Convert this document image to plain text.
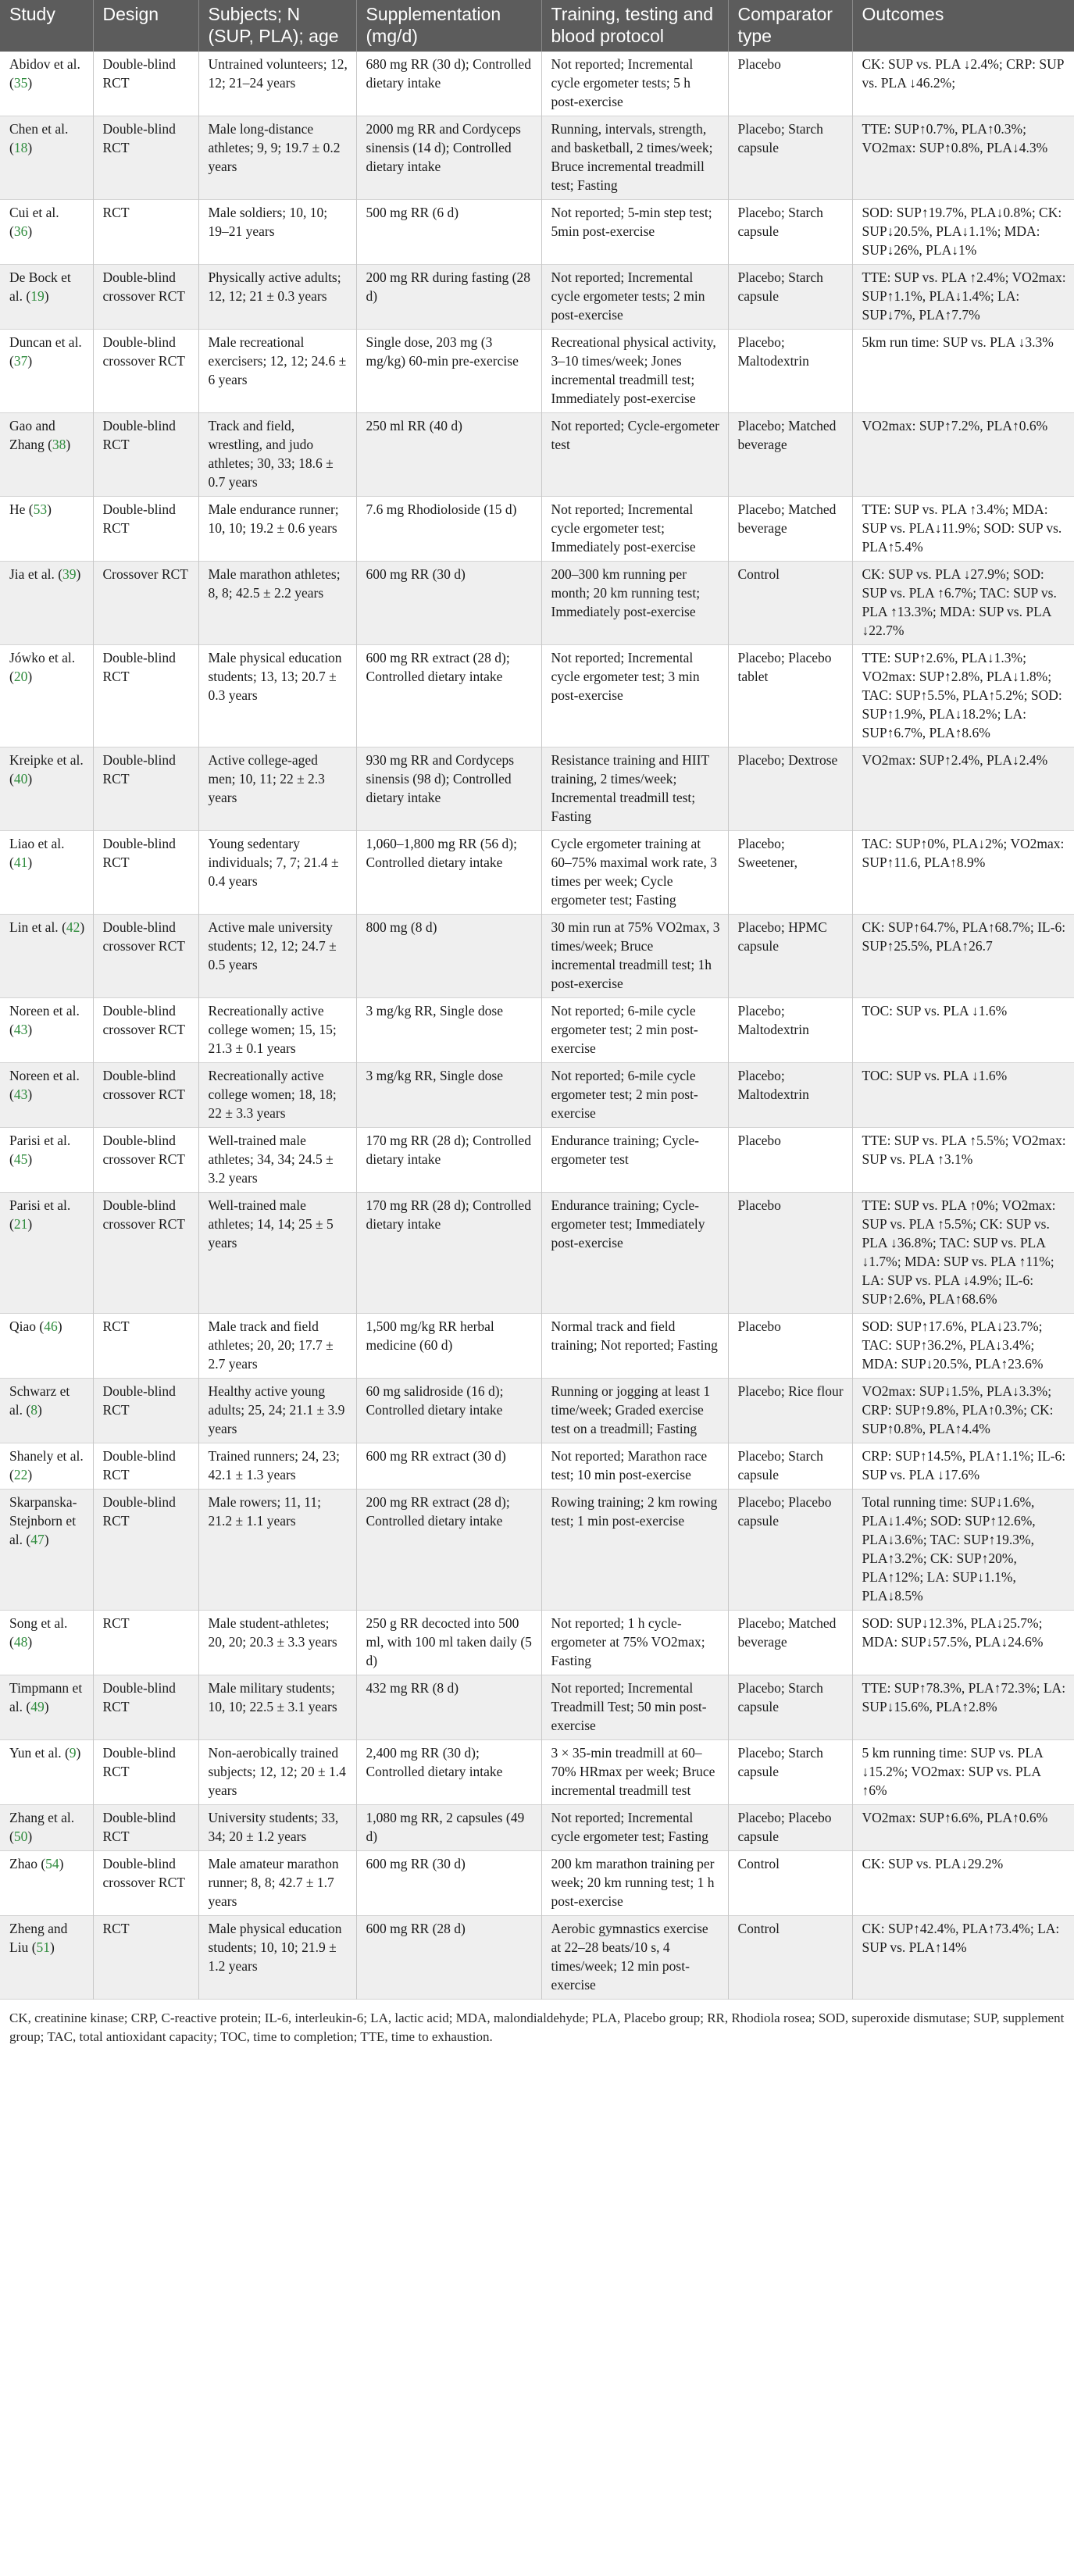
Study	Design	Subjects; N (SUP, PLA); age	Supplementation (mg/d)	Training, testing and blood protocol	Comparator type	Outcomes
Abidov et al. (35)	Double-blind RCT	Untrained volunteers; 12, 12; 21–24 years	680 mg RR (30 d); Controlled dietary intake	Not reported; Incremental cycle ergometer tests; 5 h post-exercise	Placebo	CK: SUP vs. PLA ↓2.4%; CRP: SUP vs. PLA ↓46.2%;
Chen et al. (18)	Double-blind RCT	Male long-distance athletes; 9, 9; 19.7 ± 0.2 years	2000 mg RR and Cordyceps sinensis (14 d); Controlled dietary intake	Running, intervals, strength, and basketball, 2 times/week; Bruce incremental treadmill test; Fasting	Placebo; Starch capsule	TTE: SUP↑0.7%, PLA↑0.3%; VO2max: SUP↑0.8%, PLA↓4.3%
Cui et al. (36)	RCT	Male soldiers; 10, 10; 19–21 years	500 mg RR (6 d)	Not reported; 5-min step test; 5min post-exercise	Placebo; Starch capsule	SOD: SUP↑19.7%, PLA↓0.8%; CK: SUP↓20.5%, PLA↓1.1%; MDA: SUP↓26%, PLA↓1%
De Bock et al. (19)	Double-blind crossover RCT	Physically active adults; 12, 12; 21 ± 0.3 years	200 mg RR during fasting (28 d)	Not reported; Incremental cycle ergometer tests; 2 min post-exercise	Placebo; Starch capsule	TTE: SUP vs. PLA ↑2.4%; VO2max: SUP↑1.1%, PLA↓1.4%; LA: SUP↓7%, PLA↑7.7%
Duncan et al. (37)	Double-blind crossover RCT	Male recreational exercisers; 12, 12; 24.6 ± 6 years	Single dose, 203 mg (3 mg/kg) 60-min pre-exercise	Recreational physical activity, 3–10 times/week; Jones incremental treadmill test; Immediately post-exercise	Placebo; Maltodextrin	5km run time: SUP vs. PLA ↓3.3%
Gao and Zhang (38)	Double-blind RCT	Track and field, wrestling, and judo athletes; 30, 33; 18.6 ± 0.7 years	250 ml RR (40 d)	Not reported; Cycle-ergometer test	Placebo; Matched beverage	VO2max: SUP↑7.2%, PLA↑0.6%
He (53)	Double-blind RCT	Male endurance runner; 10, 10; 19.2 ± 0.6 years	7.6 mg Rhodioloside (15 d)	Not reported; Incremental cycle ergometer test; Immediately post-exercise	Placebo; Matched beverage	TTE: SUP vs. PLA ↑3.4%; MDA: SUP vs. PLA↓11.9%; SOD: SUP vs. PLA↑5.4%
Jia et al. (39)	Crossover RCT	Male marathon athletes; 8, 8; 42.5 ± 2.2 years	600 mg RR (30 d)	200–300 km running per month; 20 km running test; Immediately post-exercise	Control	CK: SUP vs. PLA ↓27.9%; SOD: SUP vs. PLA ↑6.7%; TAC: SUP vs. PLA ↑13.3%; MDA: SUP vs. PLA ↓22.7%
Jówko et al. (20)	Double-blind RCT	Male physical education students; 13, 13; 20.7 ± 0.3 years	600 mg RR extract (28 d); Controlled dietary intake	Not reported; Incremental cycle ergometer test; 3 min post-exercise	Placebo; Placebo tablet	TTE: SUP↑2.6%, PLA↓1.3%; VO2max: SUP↑2.8%, PLA↓1.8%; TAC: SUP↑5.5%, PLA↑5.2%; SOD: SUP↑1.9%, PLA↓18.2%; LA: SUP↑6.7%, PLA↑8.6%
Kreipke et al. (40)	Double-blind RCT	Active college-aged men; 10, 11; 22 ± 2.3 years	930 mg RR and Cordyceps sinensis (98 d); Controlled dietary intake	Resistance training and HIIT training, 2 times/week; Incremental treadmill test; Fasting	Placebo; Dextrose	VO2max: SUP↑2.4%, PLA↓2.4%
Liao et al. (41)	Double-blind RCT	Young sedentary individuals; 7, 7; 21.4 ± 0.4 years	1,060–1,800 mg RR (56 d); Controlled dietary intake	Cycle ergometer training at 60–75% maximal work rate, 3 times per week; Cycle ergometer test; Fasting	Placebo; Sweetener,	TAC: SUP↑0%, PLA↓2%; VO2max: SUP↑11.6, PLA↑8.9%
Lin et al. (42)	Double-blind crossover RCT	Active male university students; 12, 12; 24.7 ± 0.5 years	800 mg (8 d)	30 min run at 75% VO2max, 3 times/week; Bruce incremental treadmill test; 1h post-exercise	Placebo; HPMC capsule	CK: SUP↑64.7%, PLA↑68.7%; IL-6: SUP↑25.5%, PLA↑26.7
Noreen et al. (43)	Double-blind crossover RCT	Recreationally active college women; 15, 15; 21.3 ± 0.1 years	3 mg/kg RR, Single dose	Not reported; 6-mile cycle ergometer test; 2 min post-exercise	Placebo; Maltodextrin	TOC: SUP vs. PLA ↓1.6%
Noreen et al. (43)	Double-blind crossover RCT	Recreationally active college women; 18, 18; 22 ± 3.3 years	3 mg/kg RR, Single dose	Not reported; 6-mile cycle ergometer test; 2 min post-exercise	Placebo; Maltodextrin	TOC: SUP vs. PLA ↓1.6%
Parisi et al. (45)	Double-blind crossover RCT	Well-trained male athletes; 34, 34; 24.5 ± 3.2 years	170 mg RR (28 d); Controlled dietary intake	Endurance training; Cycle-ergometer test	Placebo	TTE: SUP vs. PLA ↑5.5%; VO2max: SUP vs. PLA ↑3.1%
Parisi et al. (21)	Double-blind crossover RCT	Well-trained male athletes; 14, 14; 25 ± 5 years	170 mg RR (28 d); Controlled dietary intake	Endurance training; Cycle-ergometer test; Immediately post-exercise	Placebo	TTE: SUP vs. PLA ↑0%; VO2max: SUP vs. PLA ↑5.5%; CK: SUP vs. PLA ↓36.8%; TAC: SUP vs. PLA ↓1.7%; MDA: SUP vs. PLA ↑11%; LA: SUP vs. PLA ↓4.9%; IL-6: SUP↑2.6%, PLA↑68.6%
Qiao (46)	RCT	Male track and field athletes; 20, 20; 17.7 ± 2.7 years	1,500 mg/kg RR herbal medicine (60 d)	Normal track and field training; Not reported; Fasting	Placebo	SOD: SUP↑17.6%, PLA↓23.7%; TAC: SUP↑36.2%, PLA↓3.4%; MDA: SUP↓20.5%, PLA↑23.6%
Schwarz et al. (8)	Double-blind RCT	Healthy active young adults; 25, 24; 21.1 ± 3.9 years	60 mg salidroside (16 d); Controlled dietary intake	Running or jogging at least 1 time/week; Graded exercise test on a treadmill; Fasting	Placebo; Rice flour	VO2max: SUP↓1.5%, PLA↓3.3%; CRP: SUP↑9.8%, PLA↑0.3%; CK: SUP↑0.8%, PLA↑4.4%
Shanely et al. (22)	Double-blind RCT	Trained runners; 24, 23; 42.1 ± 1.3 years	600 mg RR extract (30 d)	Not reported; Marathon race test; 10 min post-exercise	Placebo; Starch capsule	CRP: SUP↑14.5%, PLA↑1.1%; IL-6: SUP vs. PLA ↓17.6%
Skarpanska-Stejnborn et al. (47)	Double-blind RCT	Male rowers; 11, 11; 21.2 ± 1.1 years	200 mg RR extract (28 d); Controlled dietary intake	Rowing training; 2 km rowing test; 1 min post-exercise	Placebo; Placebo capsule	Total running time: SUP↓1.6%, PLA↓1.4%; SOD: SUP↑12.6%, PLA↓3.6%; TAC: SUP↑19.3%, PLA↑3.2%; CK: SUP↑20%, PLA↑12%; LA: SUP↓1.1%, PLA↓8.5%
Song et al. (48)	RCT	Male student-athletes; 20, 20; 20.3 ± 3.3 years	250 g RR decocted into 500 ml, with 100 ml taken daily (5 d)	Not reported; 1 h cycle-ergometer at 75% VO2max; Fasting	Placebo; Matched beverage	SOD: SUP↓12.3%, PLA↓25.7%; MDA: SUP↓57.5%, PLA↓24.6%
Timpmann et al. (49)	Double-blind RCT	Male military students; 10, 10; 22.5 ± 3.1 years	432 mg RR (8 d)	Not reported; Incremental Treadmill Test; 50 min post-exercise	Placebo; Starch capsule	TTE: SUP↑78.3%, PLA↑72.3%; LA: SUP↓15.6%, PLA↑2.8%
Yun et al. (9)	Double-blind RCT	Non-aerobically trained subjects; 12, 12; 20 ± 1.4 years	2,400 mg RR (30 d); Controlled dietary intake	3 × 35-min treadmill at 60–70% HRmax per week; Bruce incremental treadmill test	Placebo; Starch capsule	5 km running time: SUP vs. PLA ↓15.2%; VO2max: SUP vs. PLA ↑6%
Zhang et al. (50)	Double-blind RCT	University students; 33, 34; 20 ± 1.2 years	1,080 mg RR, 2 capsules (49 d)	Not reported; Incremental cycle ergometer test; Fasting	Placebo; Placebo capsule	VO2max: SUP↑6.6%, PLA↑0.6%
Zhao (54)	Double-blind crossover RCT	Male amateur marathon runner; 8, 8; 42.7 ± 1.7 years	600 mg RR (30 d)	200 km marathon training per week; 20 km running test; 1 h post-exercise	Control	CK: SUP vs. PLA↓29.2%
Zheng and Liu (51)	RCT	Male physical education students; 10, 10; 21.9 ± 1.2 years	600 mg RR (28 d)	Aerobic gymnastics exercise at 22–28 beats/10 s, 4 times/week; 12 min post-exercise	Control	CK: SUP↑42.4%, PLA↑73.4%; LA: SUP vs. PLA↑14%
CK, creatinine kinase; CRP, C-reactive protein; IL-6, interleukin-6; LA, lactic acid; MDA, malondialdehyde; PLA, Placebo group; RR, Rhodiola rosea; SOD, superoxide dismutase; SUP, supplement group; TAC, total antioxidant capacity; TOC, time to completion; TTE, time to exhaustion.
